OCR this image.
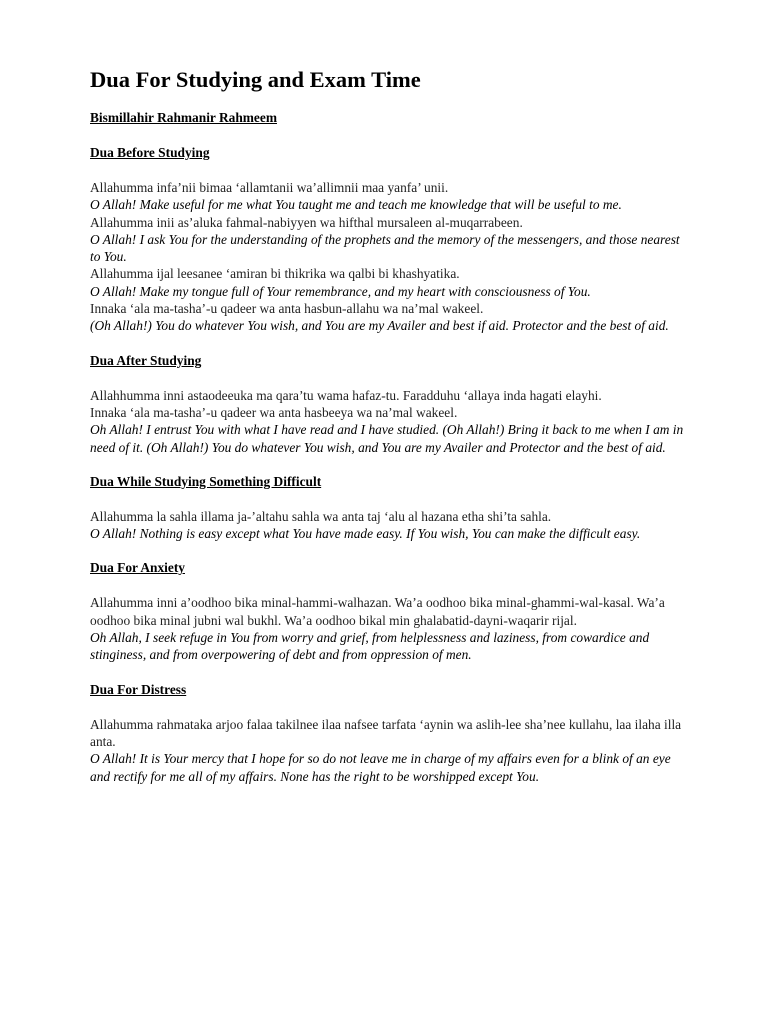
Dua For Studying and Exam Time

Bismillahir Rahmanir Rahmeem

Dua Before Studying

Allahumma infa’nii bimaa ‘allamtanii wa’allimnii maa yanfa’ unii.

O Allah! Make useful for me what You taught me and teach me knowledge that will be useful to me.

Allahumma inii as’aluka fahmal-nabiyyen wa hifthal mursaleen al-muqarrabeen.

O Allah! I ask You for the understanding of the prophets and the memory of the messengers, and those nearest to You.

Allahumma ijal leesanee ‘amiran bi thikrika wa qalbi bi khashyatika.

O Allah! Make my tongue full of Your remembrance, and my heart with consciousness of You.

Innaka ‘ala ma-tasha’-u qadeer wa anta hasbun-allahu wa na’mal wakeel.

(Oh Allah!) You do whatever You wish, and You are my Availer and best if aid. Protector and the best of aid.

Dua After Studying

Allahhumma inni astaodeeuka ma qara’tu wama hafaz-tu. Faradduhu ‘allaya inda hagati elayhi.

Innaka ‘ala ma-tasha’-u qadeer wa anta hasbeeya wa na’mal wakeel.

Oh Allah! I entrust You with what I have read and I have studied. (Oh Allah!) Bring it back to me when I am in need of it. (Oh Allah!) You do whatever You wish, and You are my Availer and Protector and the best of aid.

Dua While Studying Something Difficult

Allahumma la sahla illama ja-’altahu sahla wa anta taj ‘alu al hazana etha shi’ta sahla.

O Allah! Nothing is easy except what You have made easy. If You wish, You can make the difficult easy.

Dua For Anxiety

Allahumma inni a’oodhoo bika minal-hammi-walhazan. Wa’a oodhoo bika minal-ghammi-wal-kasal. Wa’a oodhoo bika minal jubni wal bukhl. Wa’a oodhoo bikal min ghalabatid-dayni-waqarir rijal.

Oh Allah, I seek refuge in You from worry and grief, from helplessness and laziness, from cowardice and stinginess, and from overpowering of debt and from oppression of men.

Dua For Distress

Allahumma rahmataka arjoo falaa takilnee ilaa nafsee tarfata ‘aynin wa aslih-lee sha’nee kullahu, laa ilaha illa anta.

O Allah! It is Your mercy that I hope for so do not leave me in charge of my affairs even for a blink of an eye and rectify for me all of my affairs. None has the right to be worshipped except You.
